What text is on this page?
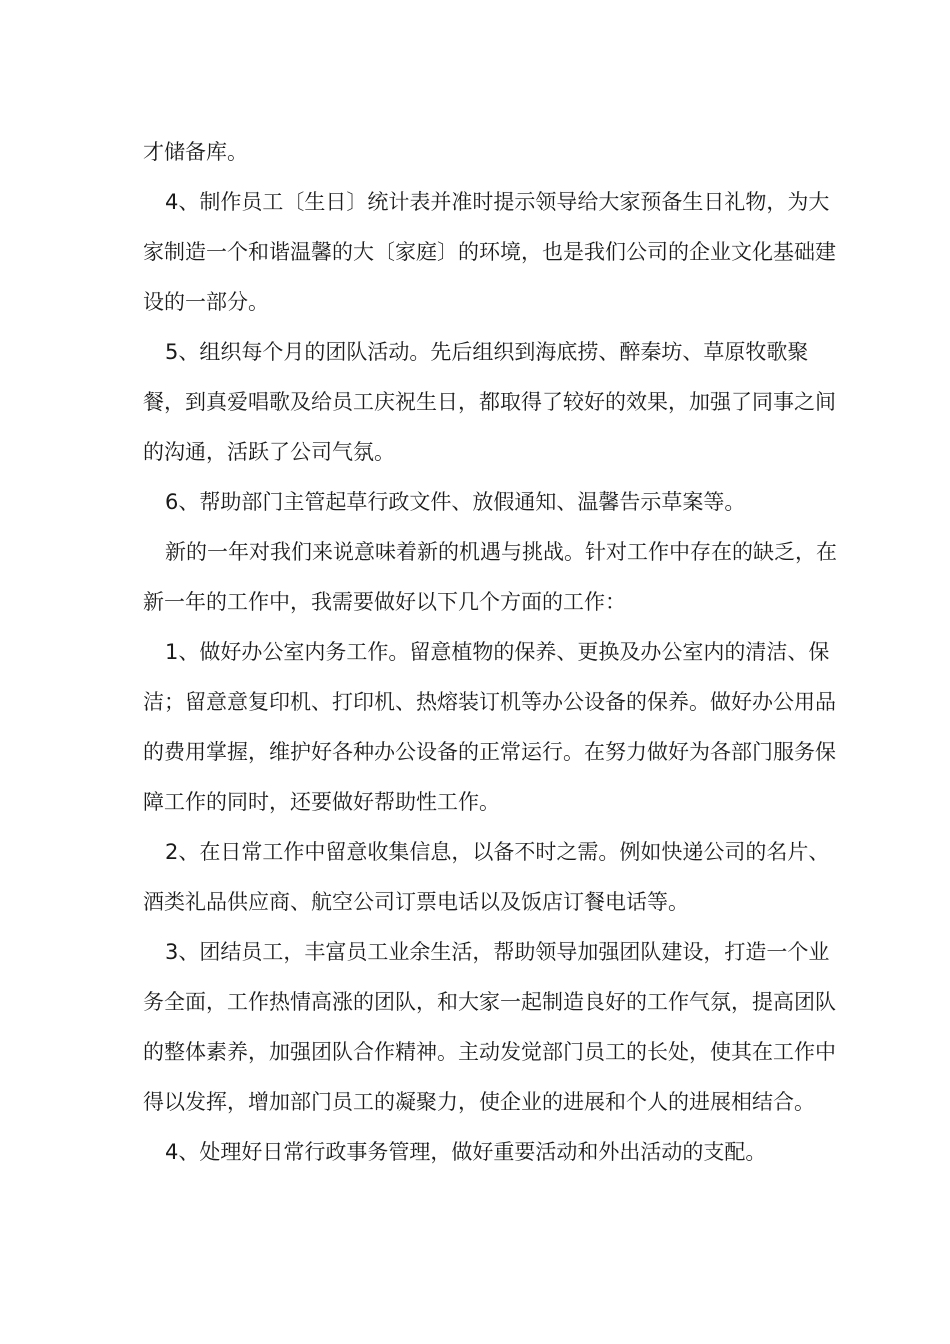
才储备库。

4、制作员工〔生日〕统计表并准时提示领导给大家预备生日礼物，为大家制造一个和谐温馨的大〔家庭〕的环境，也是我们公司的企业文化基础建设的一部分。

5、组织每个月的团队活动。先后组织到海底捞、醉秦坊、草原牧歌聚餐，到真爱唱歌及给员工庆祝生日，都取得了较好的效果，加强了同事之间的沟通，活跃了公司气氛。

6、帮助部门主管起草行政文件、放假通知、温馨告示草案等。

新的一年对我们来说意味着新的机遇与挑战。针对工作中存在的缺乏，在新一年的工作中，我需要做好以下几个方面的工作：

1、做好办公室内务工作。留意植物的保养、更换及办公室内的清洁、保洁；留意意复印机、打印机、热熔装订机等办公设备的保养。做好办公用品的费用掌握，维护好各种办公设备的正常运行。在努力做好为各部门服务保障工作的同时，还要做好帮助性工作。

2、在日常工作中留意收集信息，以备不时之需。例如快递公司的名片、酒类礼品供应商、航空公司订票电话以及饭店订餐电话等。

3、团结员工，丰富员工业余生活，帮助领导加强团队建设，打造一个业务全面，工作热情高涨的团队，和大家一起制造良好的工作气氛，提高团队的整体素养，加强团队合作精神。主动发觉部门员工的长处，使其在工作中得以发挥，增加部门员工的凝聚力，使企业的进展和个人的进展相结合。

4、处理好日常行政事务管理，做好重要活动和外出活动的支配。
